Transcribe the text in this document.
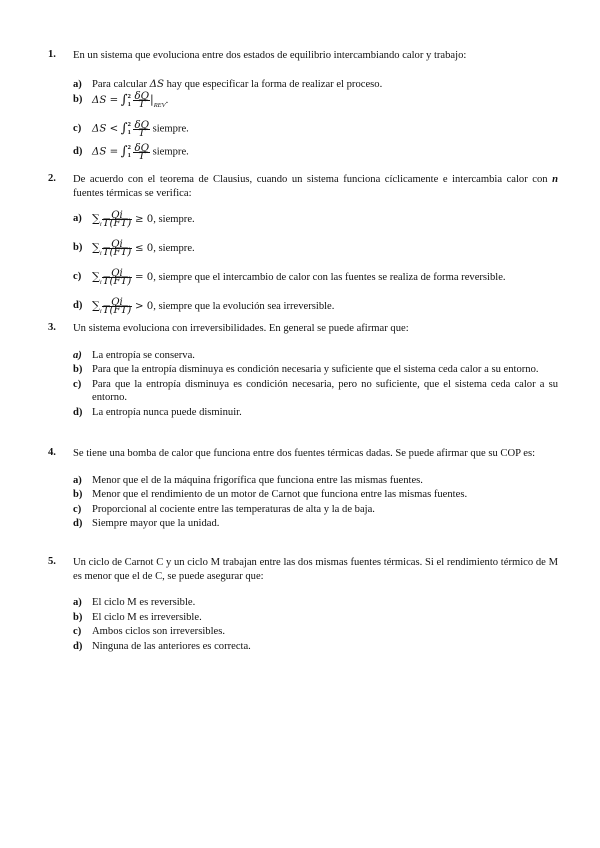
1. En un sistema que evoluciona entre dos estados de equilibrio intercambiando calor y trabajo:
a) Para calcular ΔS hay que especificar la forma de realizar el proceso.
b) ΔS = ∫ 2
1
$\frac{\delta Q}{T} |_{REV}$.
c)	ΔS < ∫ 2
1
$\frac{\delta Q}{T}$ siempre.
d) ΔS = ∫ 2
1
$\frac{\delta Q}{T}$ siempre.
2. De acuerdo con el teorema de Clausius, cuando un sistema funciona cíclicamente e intercambia calor con n fuentes térmicas se verifica:
a) $\sum_i \frac{Qi}{T(FT)} \ge 0$, siempre.
b) $\sum_i \frac{Qi}{T(FT)} \le 0$, siempre.
c) $\sum_i \frac{Qi}{T(FT)} = 0$, siempre que el intercambio de calor con las fuentes se realiza de forma reversible.
d) $\sum_i \frac{Qi}{T(FT)} > 0$, siempre que la evolución sea irreversible.
3. Un sistema evoluciona con irreversibilidades. En general se puede afirmar que:
a) La entropía se conserva.
b) Para que la entropía disminuya es condición necesaria y suficiente que el sistema ceda calor a su entorno.
c)	Para que la entropía disminuya es condición necesaria, pero no suficiente, que el sistema ceda calor a su entorno.
d) La entropía nunca puede disminuir.
4. Se tiene una bomba de calor que funciona entre dos fuentes térmicas dadas. Se puede afirmar que su COP es:
a) Menor que el de la máquina frigorífica que funciona entre las mismas fuentes.
b) Menor que el rendimiento de un motor de Carnot que funciona entre las mismas fuentes.
c)	Proporcional al cociente entre las temperaturas de alta y la de baja.
d) Siempre mayor que la unidad.
5. Un ciclo de Carnot C y un ciclo M trabajan entre las dos mismas fuentes térmicas. Si el rendimiento térmico de M es menor que el de C, se puede asegurar que:
a) El ciclo M es reversible.
b) El ciclo M es irreversible.
c)	Ambos ciclos son irreversibles.
d) Ninguna de las anteriores es correcta.
